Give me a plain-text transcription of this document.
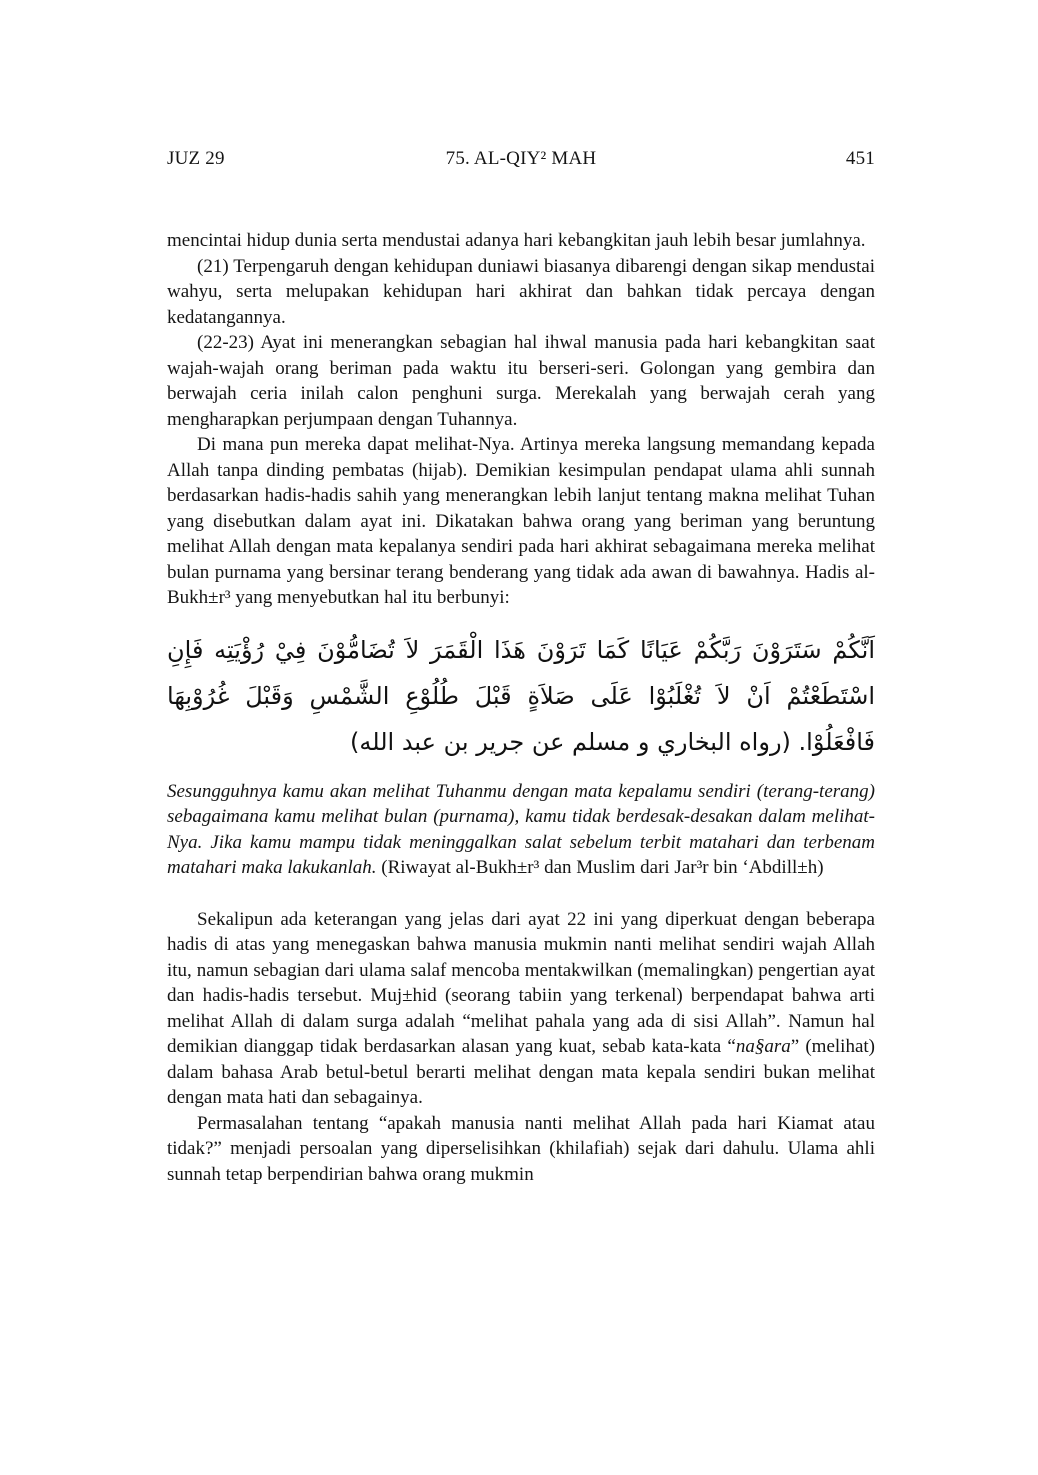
JUZ 29	75. AL-QIY² MAH	451

mencintai hidup dunia serta mendustai adanya hari kebangkitan jauh lebih besar jumlahnya.

(21) Terpengaruh dengan kehidupan duniawi biasanya dibarengi dengan sikap mendustai wahyu, serta melupakan kehidupan hari akhirat dan bahkan tidak percaya dengan kedatangannya.

(22-23) Ayat ini menerangkan sebagian hal ihwal manusia pada hari kebangkitan saat wajah-wajah orang beriman pada waktu itu berseri-seri. Golongan yang gembira dan berwajah ceria inilah calon penghuni surga. Merekalah yang berwajah cerah yang mengharapkan perjumpaan dengan Tuhannya.

Di mana pun mereka dapat melihat-Nya. Artinya mereka langsung memandang kepada Allah tanpa dinding pembatas (hijab). Demikian kesimpulan pendapat ulama ahli sunnah berdasarkan hadis-hadis sahih yang menerangkan lebih lanjut tentang makna melihat Tuhan yang disebutkan dalam ayat ini. Dikatakan bahwa orang yang beriman yang beruntung melihat Allah dengan mata kepalanya sendiri pada hari akhirat sebagaimana mereka melihat bulan purnama yang bersinar terang benderang yang tidak ada awan di bawahnya. Hadis al-Bukh±r³ yang menyebutkan hal itu berbunyi:

اَنَّكُمْ سَتَرَوْنَ رَبَّكُمْ عَيَانًا كَمَا تَرَوْنَ هَذَا الْقَمَرَ لاَ تُضَامُّوْنَ فِيْ رُؤْيَتِه فَإِنِ اسْتَطَعْتُمْ اَنْ لاَ تُغْلَبُوْا عَلَى صَلاَةٍ قَبْلَ طُلُوْعِ الشَّمْسِ وَقَبْلَ غُرُوْبِهَا فَافْعَلُوْا. (رواه البخاري و مسلم عن جرير بن عبد الله)

Sesungguhnya kamu akan melihat Tuhanmu dengan mata kepalamu sendiri (terang-terang) sebagaimana kamu melihat bulan (purnama), kamu tidak berdesak-desakan dalam melihat-Nya. Jika kamu mampu tidak meninggalkan salat sebelum terbit matahari dan terbenam matahari maka lakukanlah. (Riwayat al-Bukh±r³ dan Muslim dari Jar³r bin ‘Abdill±h)

Sekalipun ada keterangan yang jelas dari ayat 22 ini yang diperkuat dengan beberapa hadis di atas yang menegaskan bahwa manusia mukmin nanti melihat sendiri wajah Allah itu, namun sebagian dari ulama salaf mencoba mentakwilkan (memalingkan) pengertian ayat dan hadis-hadis tersebut. Muj±hid (seorang tabiin yang terkenal) berpendapat bahwa arti melihat Allah di dalam surga adalah “melihat pahala yang ada di sisi Allah”. Namun hal demikian dianggap tidak berdasarkan alasan yang kuat, sebab kata-kata “na§ara” (melihat) dalam bahasa Arab betul-betul berarti melihat dengan mata kepala sendiri bukan melihat dengan mata hati dan sebagainya.

Permasalahan tentang “apakah manusia nanti melihat Allah pada hari Kiamat atau tidak?” menjadi persoalan yang diperselisihkan (khilafiah) sejak dari dahulu. Ulama ahli sunnah tetap berpendirian bahwa orang mukmin
